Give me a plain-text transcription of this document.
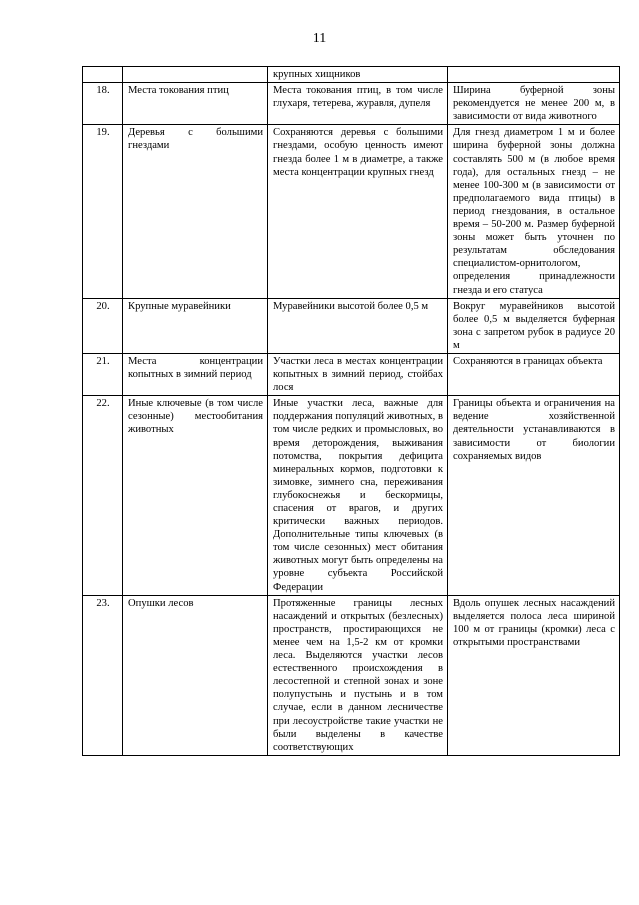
11
		крупных хищников	
18.	Места токования птиц	Места токования птиц, в том числе глухаря, тетерева, журавля, дупеля	Ширина буферной зоны рекомендуется не менее 200 м, в зависимости от вида животного
19.	Деревья с большими гнездами	Сохраняются деревья с большими гнездами, особую ценность имеют гнезда более 1 м в диаметре, а также места концентрации крупных гнезд	Для гнезд диаметром 1 м и более ширина буферной зоны должна составлять 500 м (в любое время года), для остальных гнезд – не менее 100-300 м (в зависимости от предполагаемого вида птицы) в период гнездования, в остальное время – 50-200 м. Размер буферной зоны может быть уточнен по результатам обследования специалистом-орнитологом, определения принадлежности гнезда и его статуса
20.	Крупные муравейники	Муравейники высотой более 0,5 м	Вокруг муравейников высотой более 0,5 м выделяется буферная зона с запретом рубок в радиусе 20 м
21.	Места концентрации копытных в зимний период	Участки леса в местах концентрации копытных в зимний период, стойбах лося	Сохраняются в границах объекта
22.	Иные ключевые (в том числе сезонные) местообитания животных	Иные участки леса, важные для поддержания популяций животных, в том числе редких и промысловых, во время деторождения, выживания потомства, покрытия дефицита минеральных кормов, подготовки к зимовке, зимнего сна, переживания глубокоснежья и бескормицы, спасения от врагов, и других критически важных периодов. Дополнительные типы ключевых (в том числе сезонных) мест обитания животных могут быть определены на уровне субъекта Российской Федерации	Границы объекта и ограничения на ведение хозяйственной деятельности устанавливаются в зависимости от биологии сохраняемых видов
23.	Опушки лесов	Протяженные границы лесных насаждений и открытых (безлесных) пространств, простирающихся не менее чем на 1,5-2 км от кромки леса. Выделяются участки лесов естественного происхождения в лесостепной и степной зонах и зоне полупустынь и пустынь и в том случае, если в данном лесничестве при лесоустройстве такие участки не были выделены в качестве соответствующих	Вдоль опушек лесных насаждений выделяется полоса леса шириной 100 м от границы (кромки) леса с открытыми пространствами
